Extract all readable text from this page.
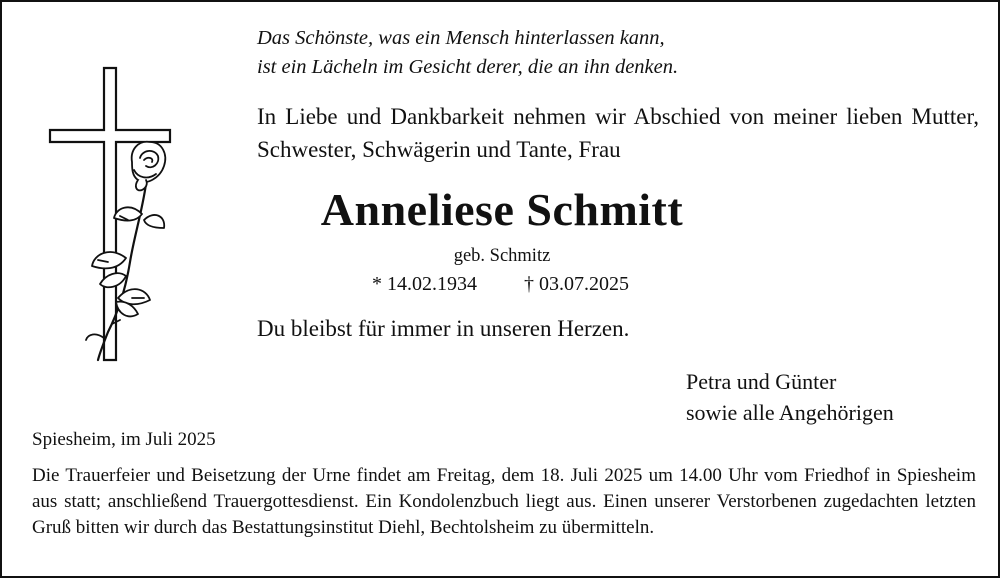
Das Schönste, was ein Mensch hinterlassen kann,
ist ein Lächeln im Gesicht derer, die an ihn denken.
In Liebe und Dankbarkeit nehmen wir Abschied von meiner lieben Mutter, Schwester, Schwägerin und Tante, Frau
Anneliese Schmitt
geb. Schmitz
* 14.02.1934 † 03.07.2025
Du bleibst für immer in unseren Herzen.
Petra und Günter
sowie alle Angehörigen
Spiesheim, im Juli 2025
Die Trauerfeier und Beisetzung der Urne findet am Freitag, dem 18. Juli 2025 um 14.00 Uhr vom Friedhof in Spiesheim aus statt; anschließend Trauergottesdienst. Ein Kondolenzbuch liegt aus. Einen unserer Verstorbenen zugedachten letzten Gruß bitten wir durch das Bestattungsinstitut Diehl, Bechtolsheim zu übermitteln.
